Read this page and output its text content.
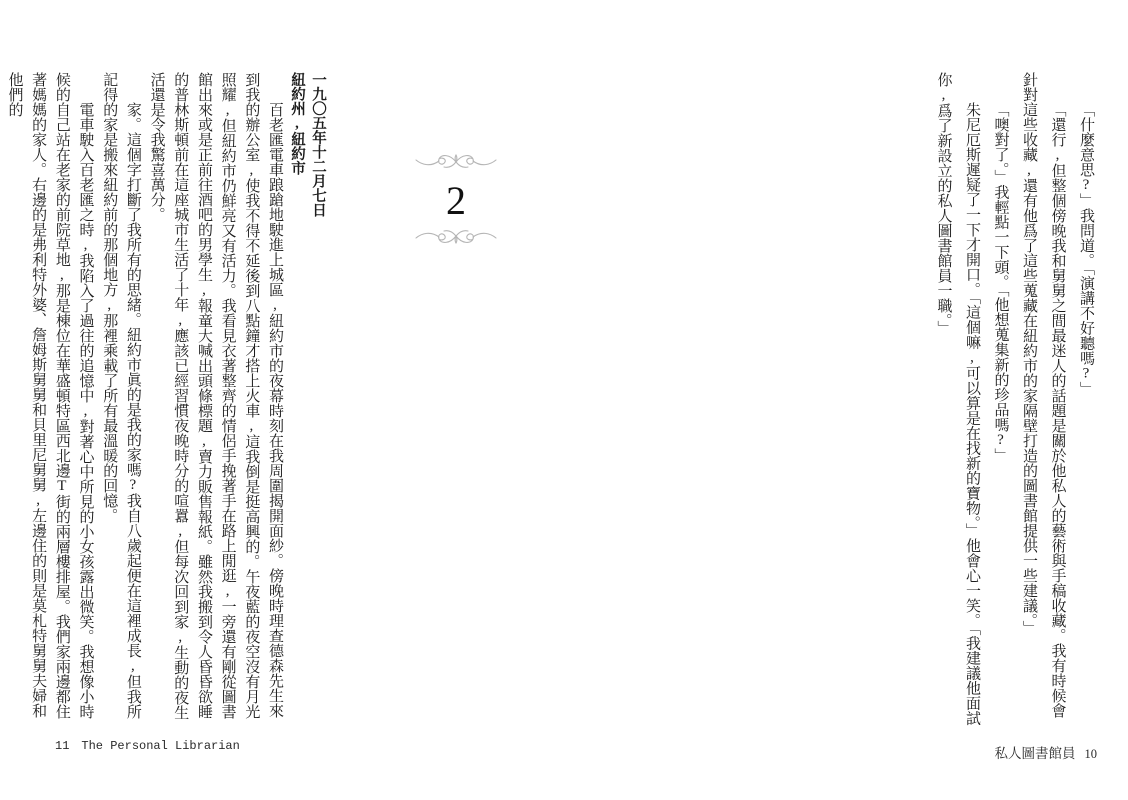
「什麼意思?」我問道。「演講不好聽嗎?」

「還行,但整個傍晚我和舅舅之間最迷人的話題是關於他私人的藝術與手稿收藏。我有時候會針對這些收藏,還有他爲了這些蒐藏在紐約市的家隔壁打造的圖書館提供一些建議。」

「噢對了。」我輕點一下頭。「他想蒐集新的珍品嗎?」

朱尼厄斯遲疑了一下才開口。「這個嘛,可以算是在找新的寶物。」他會心一笑。「我建議他面試你,爲了新設立的私人圖書館員一職。」

私人圖書館員 10
2
一九〇五年十二月七日
紐約州,紐約市

百老匯電車踉蹌地駛進上城區,紐約市的夜幕時刻在我周圍揭開面紗。傍晚時理查德森先生來到我的辦公室,使我不得不延後到八點鐘才搭上火車,這我倒是挺高興的。午夜藍的夜空沒有月光照耀,但紐約市仍鮮亮又有活力。我看見衣著整齊的情侶手挽著手在路上閒逛,一旁還有剛從圖書館出來或是正前往酒吧的男學生,報童大喊出頭條標題,賣力販售報紙。雖然我搬到令人昏昏欲睡的普林斯頓前在這座城市生活了十年,應該已經習慣夜晚時分的喧囂,但每次回到家,生動的夜生活還是令我驚喜萬分。

家。這個字打斷了我所有的思緒。紐約市眞的是我的家嗎?我自八歲起便在這裡成長,但我所記得的家是搬來紐約前的那個地方,那裡乘載了所有最溫暖的回憶。

電車駛入百老匯之時,我陷入了過往的追憶中,對著心中所見的小女孩露出微笑。我想像小時候的自己站在老家的前院草地,那是棟位在華盛頓特區西北邊T街的兩層樓排屋。我們家兩邊都住著媽媽的家人。右邊的是弗利特外婆、詹姆斯舅舅和貝里尼舅舅,左邊住的則是莫札特舅舅夫婦和他們的

11 The Personal Librarian
